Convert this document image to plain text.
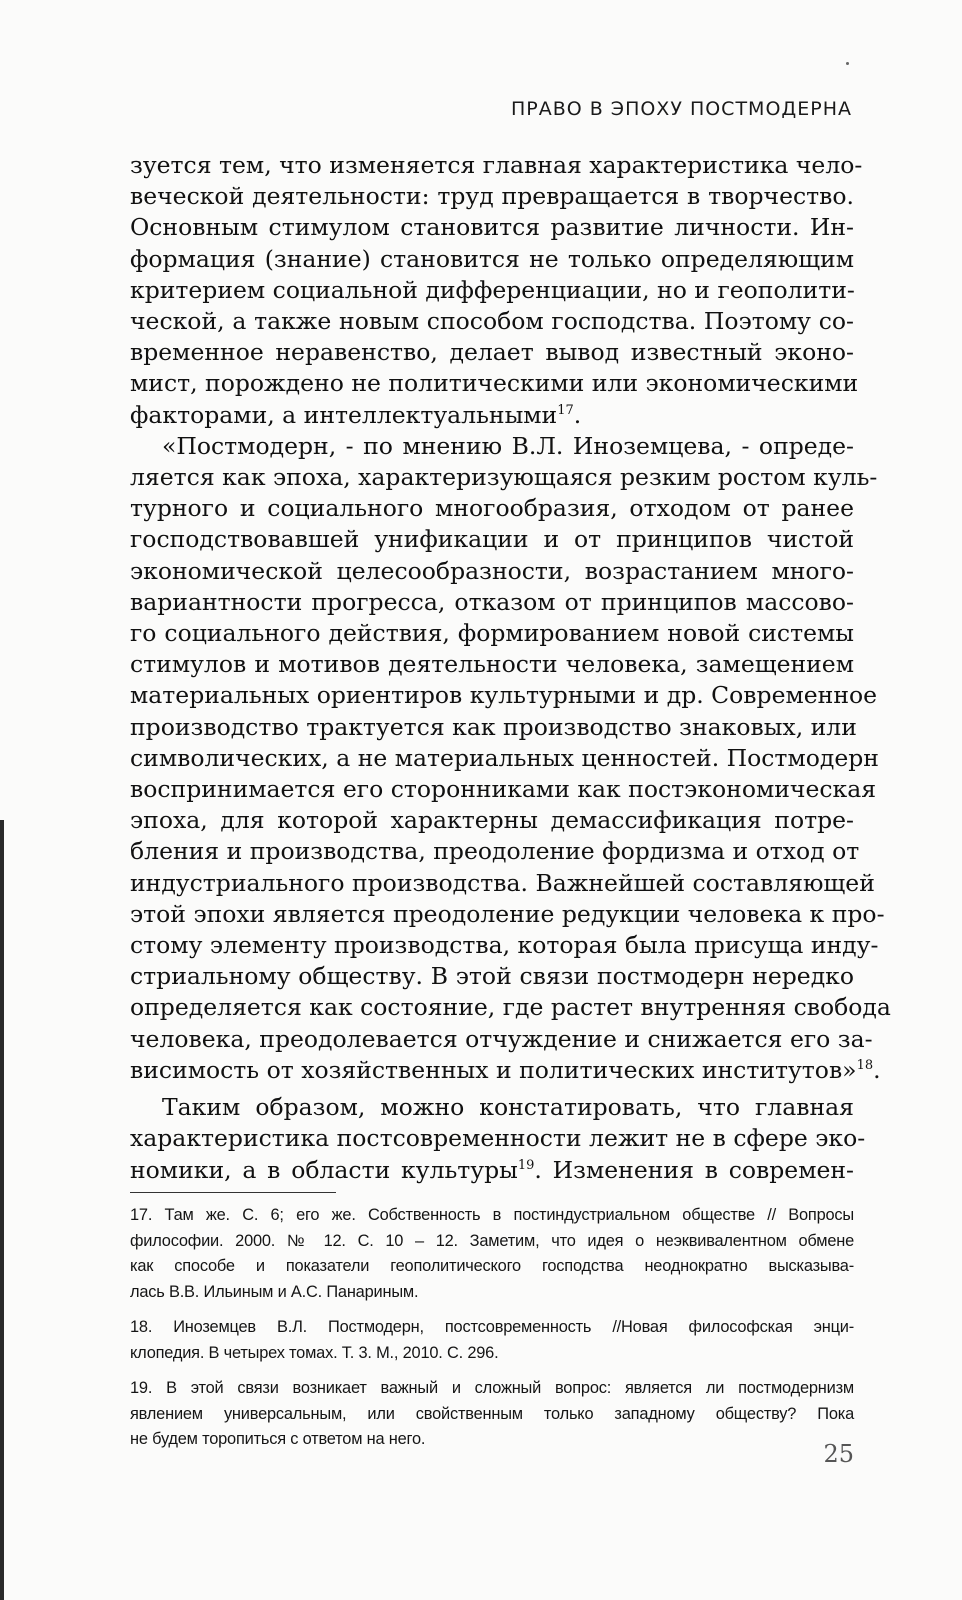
ПРАВО В ЭПОХУ ПОСТМОДЕРНА
зуется тем, что изменяется главная характеристика чело-
веческой деятельности: труд превращается в творчество.
Основным стимулом становится развитие личности. Ин-
формация (знание) становится не только определяющим
критерием социальной дифференциации, но и геополити-
ческой, а также новым способом господства. Поэтому со-
временное неравенство, делает вывод известный эконо-
мист, порождено не политическими или экономическими
факторами, а интеллектуальными$^{17}$.
«Постмодерн, - по мнению В.Л. Иноземцева, - опреде-
ляется как эпоха, характеризующаяся резким ростом куль-
турного и социального многообразия, отходом от ранее
господствовавшей унификации и от принципов чистой
экономической целесообразности, возрастанием много-
вариантности прогресса, отказом от принципов массово-
го социального действия, формированием новой системы
стимулов и мотивов деятельности человека, замещением
материальных ориентиров культурными и др. Современное
производство трактуется как производство знаковых, или
символических, а не материальных ценностей. Постмодерн
воспринимается его сторонниками как постэкономическая
эпоха, для которой характерны демассификация потре-
бления и производства, преодоление фордизма и отход от
индустриального производства. Важнейшей составляющей
этой эпохи является преодоление редукции человека к про-
стому элементу производства, которая была присуща инду-
стриальному обществу. В этой связи постмодерн нередко
определяется как состояние, где растет внутренняя свобода
человека, преодолевается отчуждение и снижается его за-
висимость от хозяйственных и политических институтов»$^{18}$.
Таким образом, можно констатировать, что главная
характеристика постсовременности лежит не в сфере эко-
номики, а в области культуры$^{19}$. Изменения в современ-
17. Там же. С. 6; его же. Собственность в постиндустриальном обществе // Вопросы
философии. 2000. № 12. С. 10 – 12. Заметим, что идея о неэквивалентном обмене
как способе и показатели геополитического господства неоднократно высказыва-
лась В.В. Ильиным и А.С. Панариным.
18. Иноземцев В.Л. Постмодерн, постсовременность //Новая философская энци-
клопедия. В четырех томах. Т. 3. М., 2010. С. 296.
19. В этой связи возникает важный и сложный вопрос: является ли постмодернизм
явлением универсальным, или свойственным только западному обществу? Пока
не будем торопиться с ответом на него.
25
